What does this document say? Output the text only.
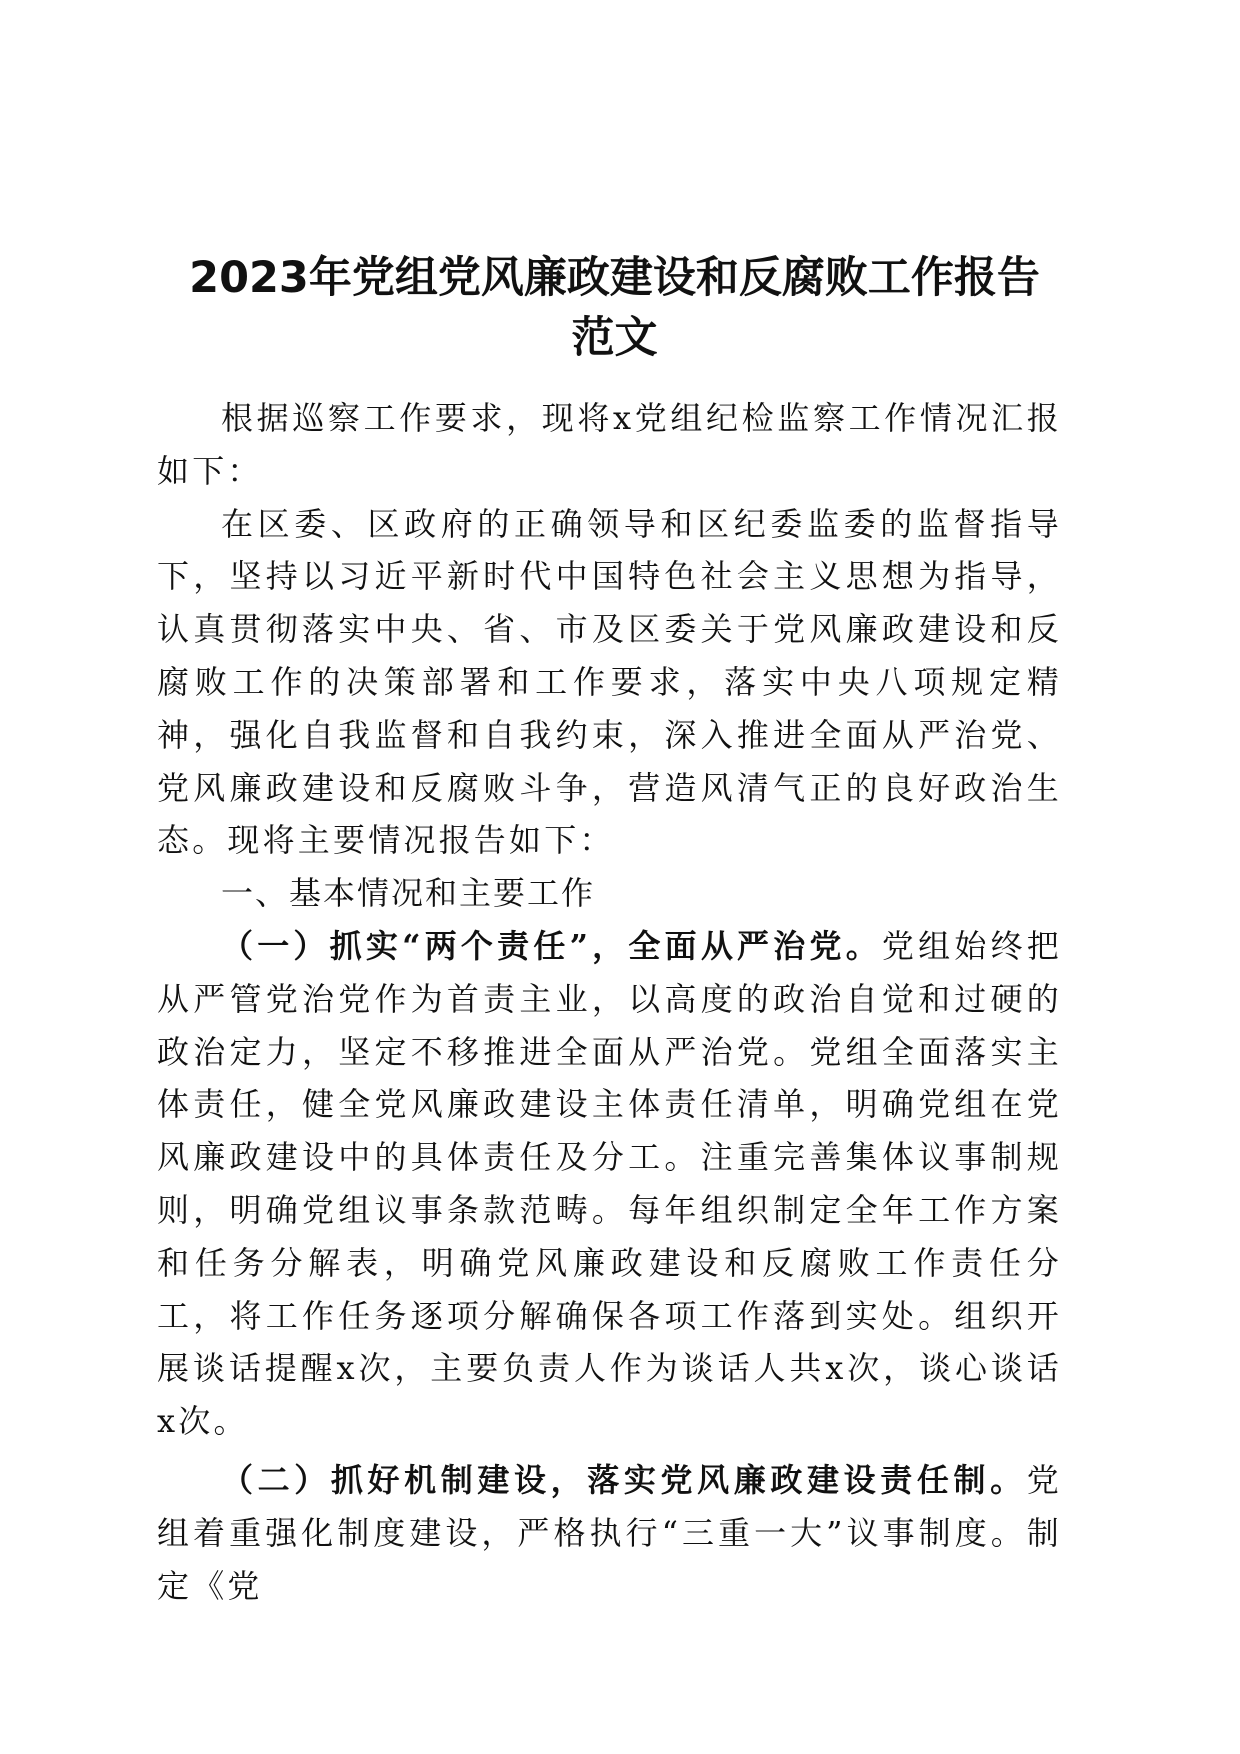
2023年党组党风廉政建设和反腐败工作报告
范文

根据巡察工作要求，现将x党组纪检监察工作情况汇报如下：

在区委、区政府的正确领导和区纪委监委的监督指导下，坚持以习近平新时代中国特色社会主义思想为指导，认真贯彻落实中央、省、市及区委关于党风廉政建设和反腐败工作的决策部署和工作要求，落实中央八项规定精神，强化自我监督和自我约束，深入推进全面从严治党、党风廉政建设和反腐败斗争，营造风清气正的良好政治生态。现将主要情况报告如下：

一、基本情况和主要工作

（一）抓实“两个责任”，全面从严治党。党组始终把从严管党治党作为首责主业，以高度的政治自觉和过硬的政治定力，坚定不移推进全面从严治党。党组全面落实主体责任，健全党风廉政建设主体责任清单，明确党组在党风廉政建设中的具体责任及分工。注重完善集体议事制规则，明确党组议事条款范畴。每年组织制定全年工作方案和任务分解表，明确党风廉政建设和反腐败工作责任分工，将工作任务逐项分解确保各项工作落到实处。组织开展谈话提醒x次，主要负责人作为谈话人共x次，谈心谈话x次。

（二）抓好机制建设，落实党风廉政建设责任制。党组着重强化制度建设，严格执行“三重一大”议事制度。制定《党
